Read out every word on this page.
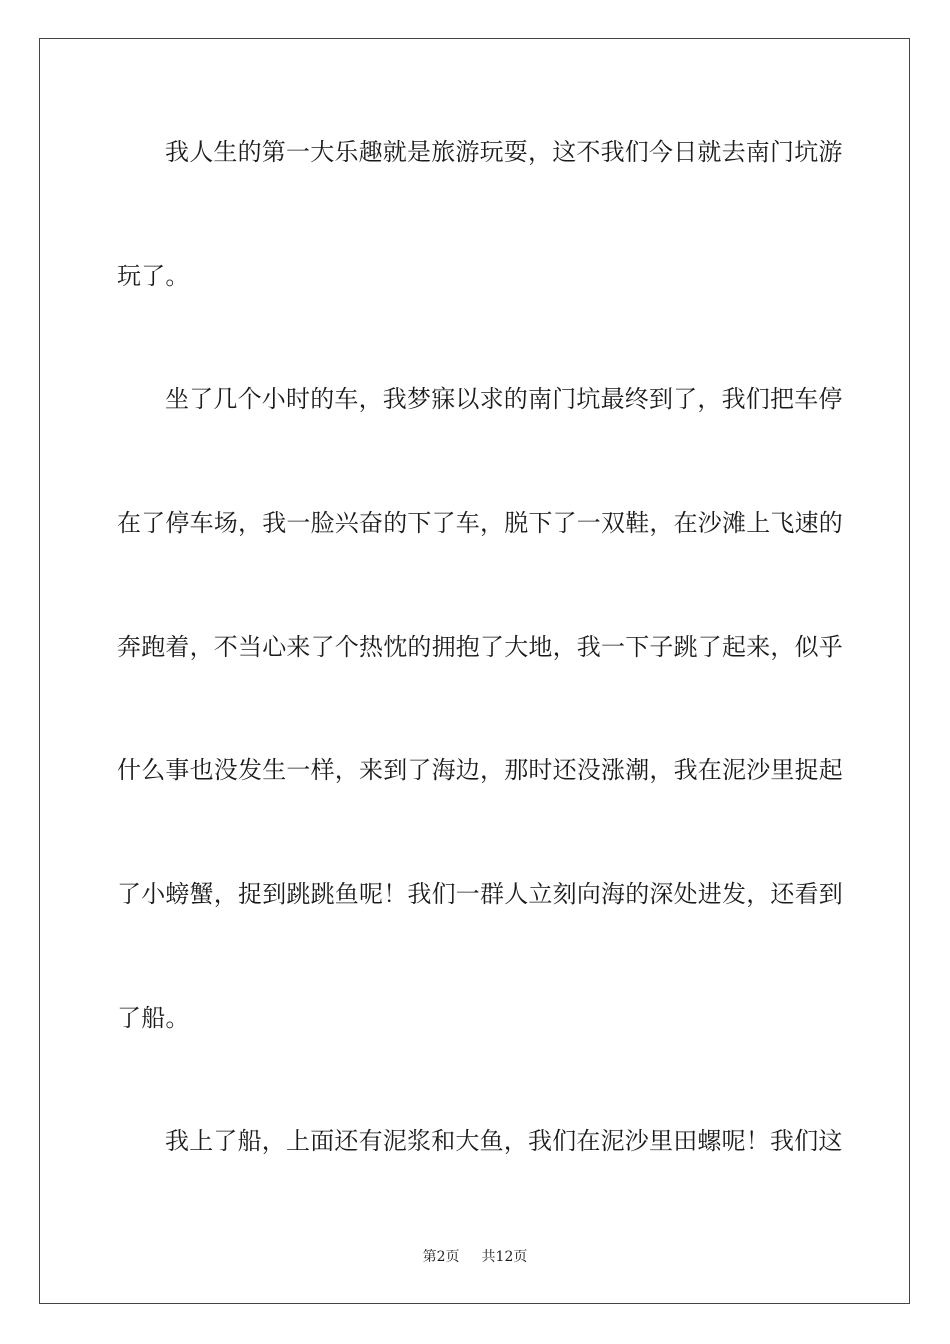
我人生的第一大乐趣就是旅游玩耍，这不我们今日就去南门坑游
玩了。
坐了几个小时的车，我梦寐以求的南门坑最终到了，我们把车停
在了停车场，我一脸兴奋的下了车，脱下了一双鞋，在沙滩上飞速的
奔跑着，不当心来了个热忱的拥抱了大地，我一下子跳了起来，似乎
什么事也没发生一样，来到了海边，那时还没涨潮，我在泥沙里捉起
了小螃蟹，捉到跳跳鱼呢！我们一群人立刻向海的深处进发，还看到
了船。
我上了船，上面还有泥浆和大鱼，我们在泥沙里田螺呢！我们这
第2页 共12页
